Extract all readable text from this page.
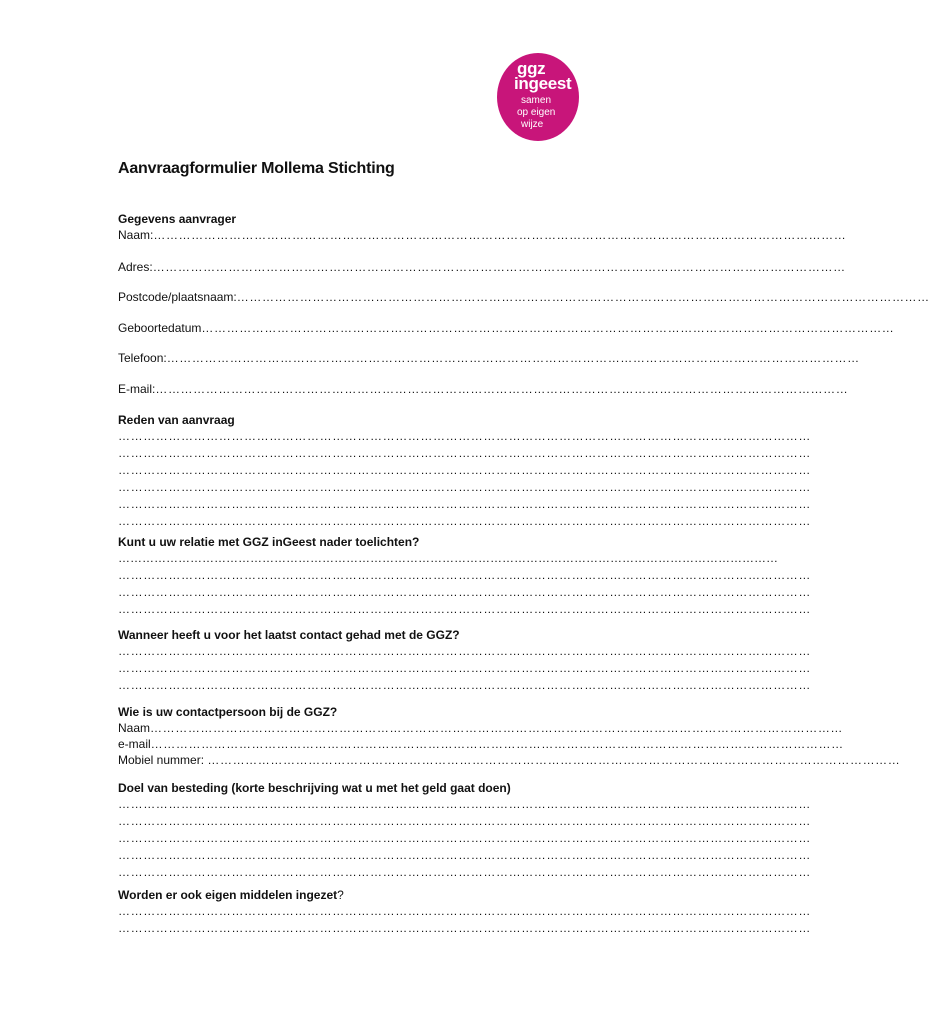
ggz
ingeest
samen
op eigen
wijze
Aanvraagformulier Mollema Stichting
Gegevens aanvrager
Naam:…………………………………………………………………………………………………………………………………………………
Adres:…………………………………………………………………………………………………………………………………………………
Postcode/plaatsnaam:…………………………………………………………………………………………………………………………………………………
Geboortedatum…………………………………………………………………………………………………………………………………………………
Telefoon:…………………………………………………………………………………………………………………………………………………
E-mail:…………………………………………………………………………………………………………………………………………………
Reden van aanvraag
…………………………………………………………………………………………………………………………………………………
…………………………………………………………………………………………………………………………………………………
…………………………………………………………………………………………………………………………………………………
…………………………………………………………………………………………………………………………………………………
…………………………………………………………………………………………………………………………………………………
…………………………………………………………………………………………………………………………………………………
Kunt u uw relatie met GGZ inGeest nader toelichten?
…………………………………………………………………………………………………………………………………………………
…………………………………………………………………………………………………………………………………………………
…………………………………………………………………………………………………………………………………………………
…………………………………………………………………………………………………………………………………………………
Wanneer heeft u voor het laatst contact gehad met de GGZ?
…………………………………………………………………………………………………………………………………………………
…………………………………………………………………………………………………………………………………………………
…………………………………………………………………………………………………………………………………………………
Wie is uw contactpersoon bij de GGZ?
Naam…………………………………………………………………………………………………………………………………………………
e-mail…………………………………………………………………………………………………………………………………………………
Mobiel nummer: …………………………………………………………………………………………………………………………………………………
Doel van besteding (korte beschrijving wat u met het geld gaat doen)
…………………………………………………………………………………………………………………………………………………
…………………………………………………………………………………………………………………………………………………
…………………………………………………………………………………………………………………………………………………
…………………………………………………………………………………………………………………………………………………
…………………………………………………………………………………………………………………………………………………
Worden er ook eigen middelen ingezet?
…………………………………………………………………………………………………………………………………………………
…………………………………………………………………………………………………………………………………………………
